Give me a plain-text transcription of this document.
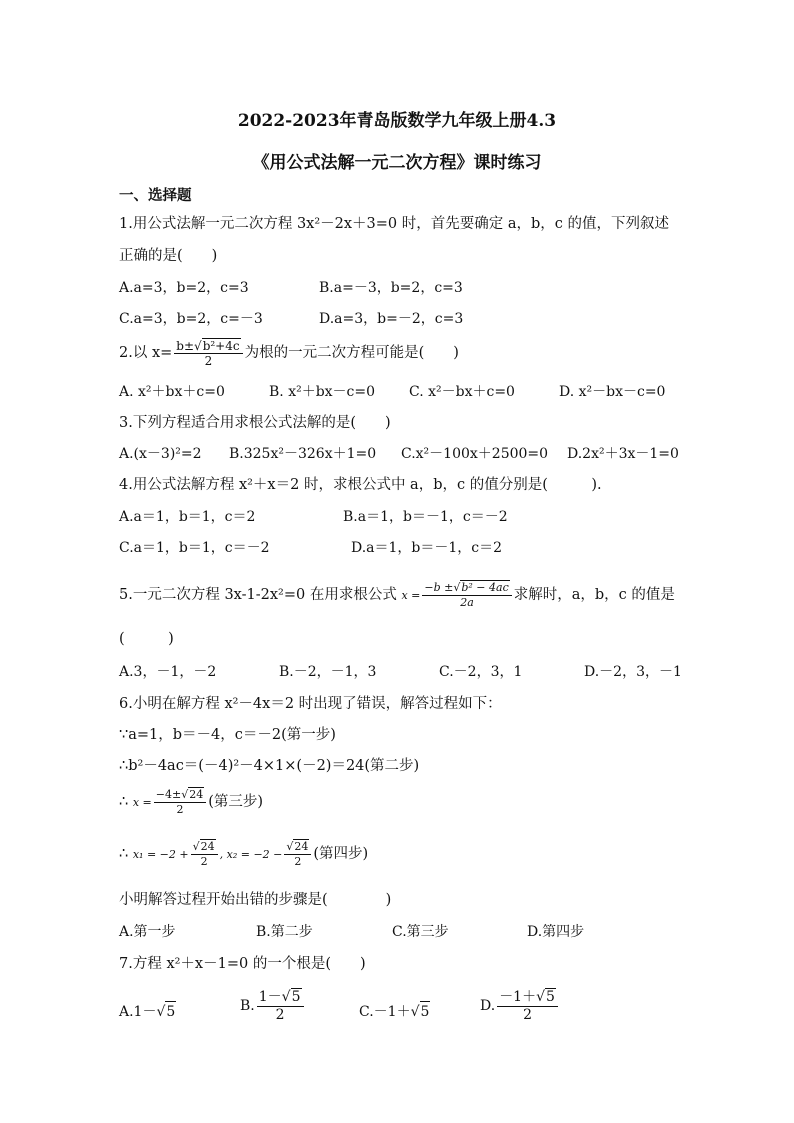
2022-2023年青岛版数学九年级上册4.3
《用公式法解一元二次方程》课时练习
一、选择题
1.用公式法解一元二次方程 3x²－2x＋3=0 时，首先要确定 a，b，c 的值，下列叙述
正确的是(　　)
A.a=3，b=2，c=3	B.a=－3，b=2，c=3
C.a=3，b=2，c=－3	D.a=3，b=－2，c=3
2.以 $x= \frac{\text{b±√b²+4c}}{2}$ 为根的一元二次方程可能是(　　)
A. x²＋bx＋c=0	B. x²＋bx－c=0 C. x²－bx＋c=0	D. x²－bx－c=0
3.下列方程适合用求根公式法解的是(　　)
A.(x－3)²=2 B.325x²－326x＋1=0 C.x²－100x＋2500=0 D.2x²＋3x－1=0
4.用公式法解方程 x²＋x＝2 时，求根公式中 a，b，c 的值分别是(　　　).
A.a＝1，b＝1，c＝2	B.a＝1，b＝－1，c＝－2
C.a＝1，b＝1，c＝－2	D.a＝1，b＝－1，c＝2
5.一元二次方程 3x-1-2x²=0 在用求根公式 $x = \frac{\text{−b ±√b² − 4ac}}{2a}$ 求解时，a，b，c 的值是
(　　　)
A.3，－1，－2	B.－2，－1，3	C.－2，3，1	D.－2，3，－1
6.小明在解方程 x²－4x＝2 时出现了错误，解答过程如下：
∵a=1，b＝－4，c＝－2(第一步)
∴b²－4ac＝(－4)²－4×1×(－2)＝24(第二步)
∴ $x = \frac{-4\pm√24}{2}$ (第三步)
∴ $x_1 = -2 + \frac{√24}{2}$ , $x_2 = -2 - \frac{√24}{2}$ (第四步)
小明解答过程开始出错的步骤是(　　　　)
A.第一步	B.第二步	C.第三步	D.第四步
7.方程 x²＋x－1=0 的一个根是(　　)
A.1－√5	B. $\frac{1-√5}{2}$	C.－1＋√5	D. $\frac{-1+√5}{2}$
